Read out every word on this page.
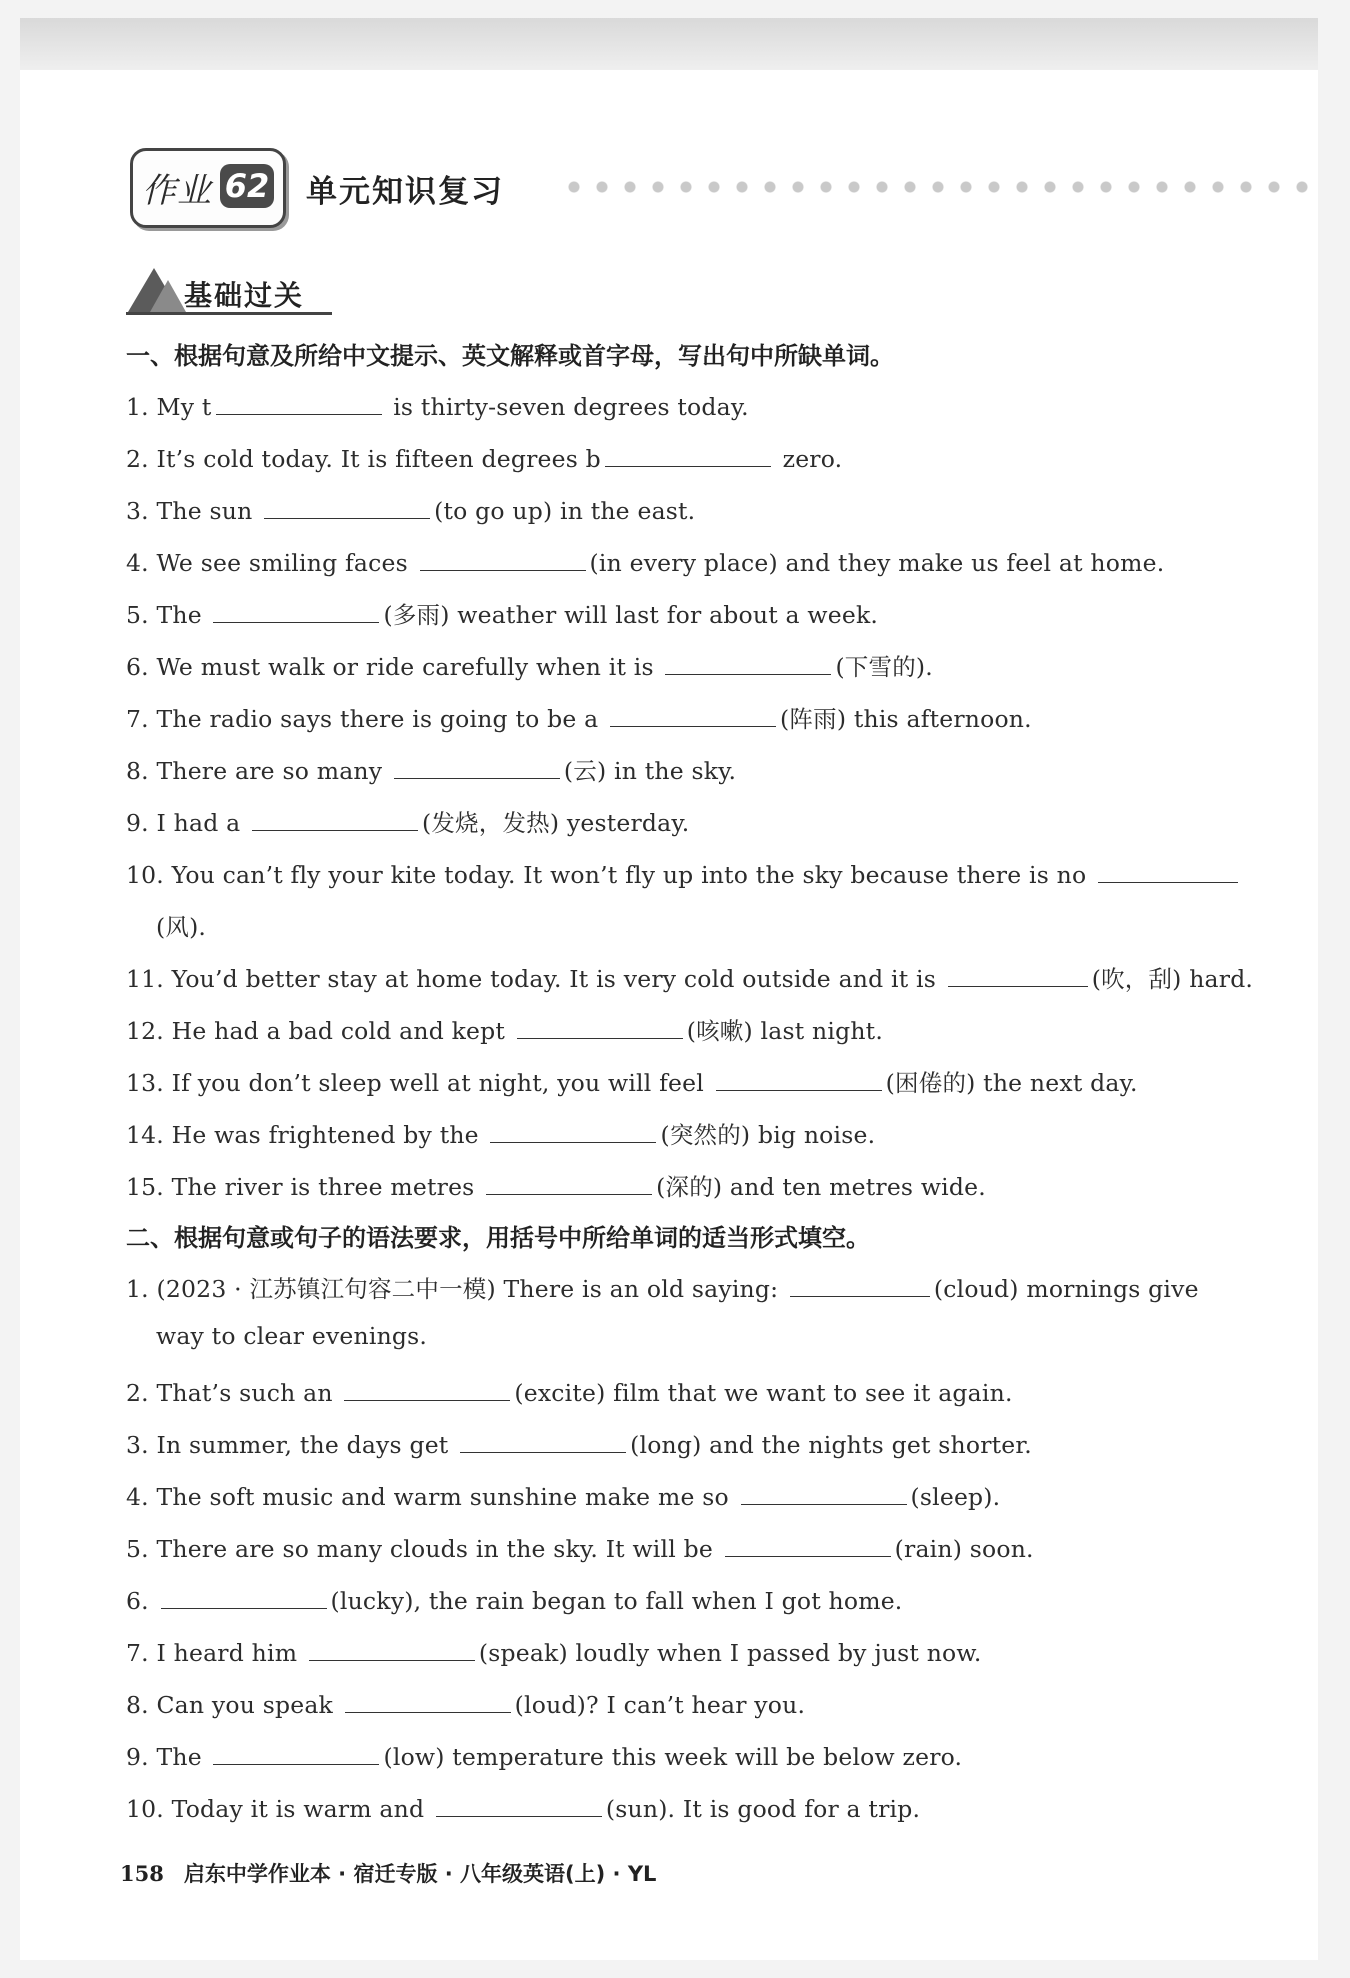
作业 62 单元知识复习
基础过关
一、根据句意及所给中文提示、英文解释或首字母，写出句中所缺单词。
1. My t	is thirty-seven degrees today.
2. It’s cold today. It is fifteen degrees b	zero.
3. The sun	(to go up) in the east.
4. We see smiling faces	(in every place) and they make us feel at home.
5. The	(多雨) weather will last for about a week.
6. We must walk or ride carefully when it is	(下雪的).
7. The radio says there is going to be a	(阵雨) this afternoon.
8. There are so many	(云) in the sky.
9. I had a	(发烧，发热) yesterday.
10. You can’t fly your kite today. It won’t fly up into the sky because there is no
(风).
11. You’d better stay at home today. It is very cold outside and it is	(吹，刮) hard.
12. He had a bad cold and kept	(咳嗽) last night.
13. If you don’t sleep well at night, you will feel	(困倦的) the next day.
14. He was frightened by the	(突然的) big noise.
15. The river is three metres	(深的) and ten metres wide.
二、根据句意或句子的语法要求，用括号中所给单词的适当形式填空。
1. (2023 · 江苏镇江句容二中一模) There is an old saying:	(cloud) mornings give
way to clear evenings.
2. That’s such an	(excite) film that we want to see it again.
3. In summer, the days get	(long) and the nights get shorter.
4. The soft music and warm sunshine make me so	(sleep).
5. There are so many clouds in the sky. It will be	(rain) soon.
6.	(lucky), the rain began to fall when I got home.
7. I heard him	(speak) loudly when I passed by just now.
8. Can you speak	(loud)? I can’t hear you.
9. The	(low) temperature this week will be below zero.
10. Today it is warm and	(sun). It is good for a trip.
158 启东中学作业本 · 宿迁专版 · 八年级英语(上) · YL
